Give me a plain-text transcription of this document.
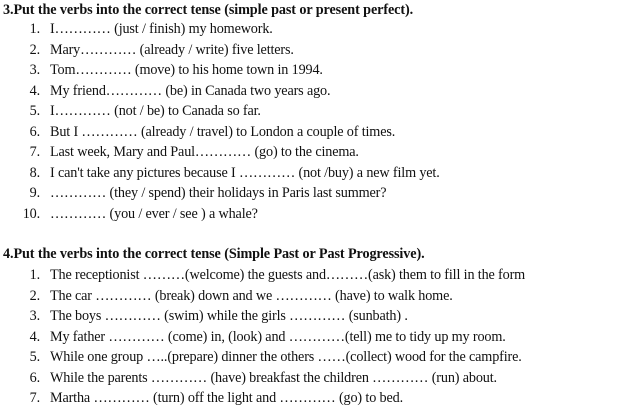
3.Put the verbs into the correct tense (simple past or present perfect).
1. I………… (just / finish) my homework.
2. Mary………… (already / write) five letters.
3. Tom………… (move) to his home town in 1994.
4. My friend………… (be) in Canada two years ago.
5. I………… (not / be) to Canada so far.
6. But I ………… (already / travel) to London a couple of times.
7. Last week, Mary and Paul………… (go) to the cinema.
8. I can't take any pictures because I ………… (not /buy) a new film yet.
9. ………… (they / spend) their holidays in Paris last summer?
10. ………… (you / ever / see ) a whale?
4.Put the verbs into the correct tense (Simple Past or Past Progressive).
1. The receptionist ………(welcome) the guests and………(ask) them to fill in the form
2. The car ………… (break) down and we ………… (have) to walk home.
3. The boys ………… (swim) while the girls ………… (sunbath) .
4. My father ………… (come) in, (look) and …………(tell) me to tidy up my room.
5. While one group …..(prepare) dinner the others ……(collect) wood for the campfire.
6. While the parents ………… (have) breakfast the children ………… (run) about.
7. Martha ………… (turn) off the light and ………… (go) to bed.
